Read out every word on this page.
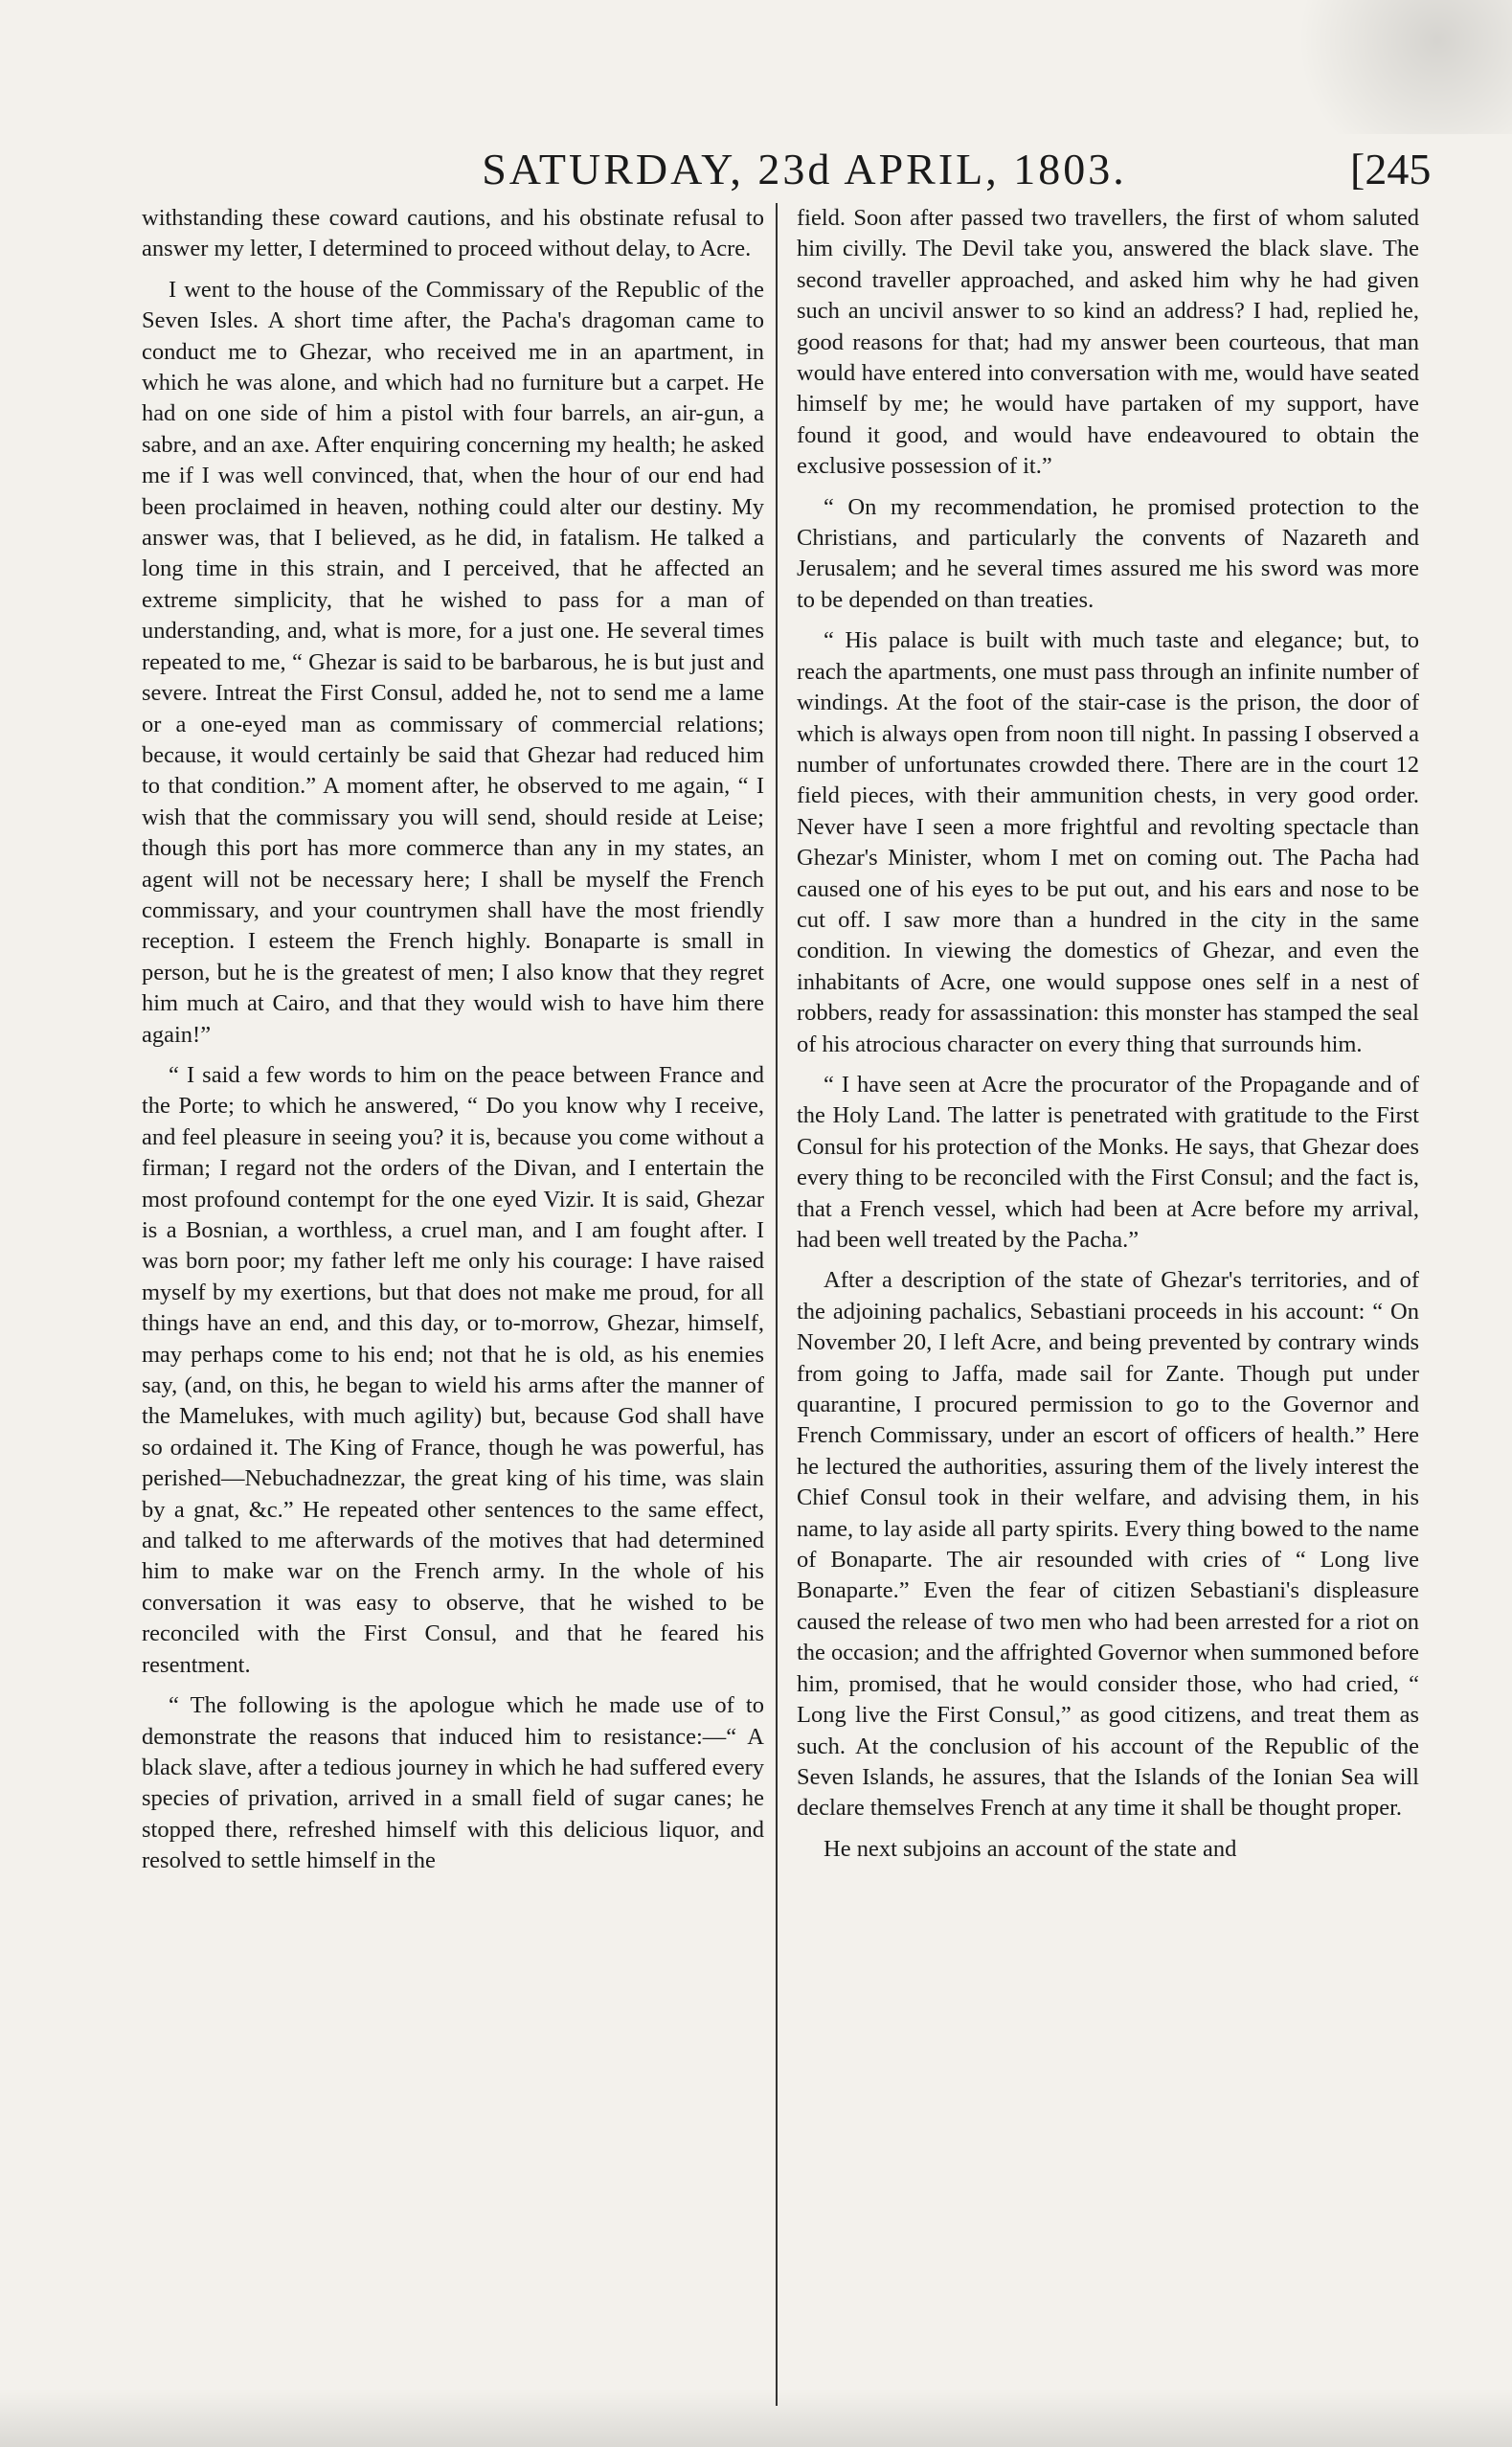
SATURDAY, 23d APRIL, 1803.	[245

withstanding these coward cautions, and his obstinate refusal to answer my letter, I determined to proceed without delay, to Acre.

I went to the house of the Commissary of the Republic of the Seven Isles. A short time after, the Pacha's dragoman came to conduct me to Ghezar, who received me in an apartment, in which he was alone, and which had no furniture but a carpet. He had on one side of him a pistol with four barrels, an air-gun, a sabre, and an axe. After enquiring concerning my health; he asked me if I was well convinced, that, when the hour of our end had been proclaimed in heaven, nothing could alter our destiny. My answer was, that I believed, as he did, in fatalism. He talked a long time in this strain, and I perceived, that he affected an extreme simplicity, that he wished to pass for a man of understanding, and, what is more, for a just one. He several times repeated to me, “ Ghezar is said to be barbarous, he is but just and severe. Intreat the First Consul, added he, not to send me a lame or a one-eyed man as commissary of commercial relations; because, it would certainly be said that Ghezar had reduced him to that condition.” A moment after, he observed to me again, “ I wish that the commissary you will send, should reside at Leise; though this port has more commerce than any in my states, an agent will not be necessary here; I shall be myself the French commissary, and your countrymen shall have the most friendly reception. I esteem the French highly. Bonaparte is small in person, but he is the greatest of men; I also know that they regret him much at Cairo, and that they would wish to have him there again!”

“ I said a few words to him on the peace between France and the Porte; to which he answered, “ Do you know why I receive, and feel pleasure in seeing you? it is, because you come without a firman; I regard not the orders of the Divan, and I entertain the most profound contempt for the one eyed Vizir. It is said, Ghezar is a Bosnian, a worthless, a cruel man, and I am fought after. I was born poor; my father left me only his courage: I have raised myself by my exertions, but that does not make me proud, for all things have an end, and this day, or to-morrow, Ghezar, himself, may perhaps come to his end; not that he is old, as his enemies say, (and, on this, he began to wield his arms after the manner of the Mamelukes, with much agility) but, because God shall have so ordained it. The King of France, though he was powerful, has perished—Nebuchadnezzar, the great king of his time, was slain by a gnat, &c.” He repeated other sentences to the same effect, and talked to me afterwards of the motives that had determined him to make war on the French army. In the whole of his conversation it was easy to observe, that he wished to be reconciled with the First Consul, and that he feared his resentment.

“ The following is the apologue which he made use of to demonstrate the reasons that induced him to resistance:—“ A black slave, after a tedious journey in which he had suffered every species of privation, arrived in a small field of sugar canes; he stopped there, refreshed himself with this delicious liquor, and resolved to settle himself in the

field. Soon after passed two travellers, the first of whom saluted him civilly. The Devil take you, answered the black slave. The second traveller approached, and asked him why he had given such an uncivil answer to so kind an address? I had, replied he, good reasons for that; had my answer been courteous, that man would have entered into conversation with me, would have seated himself by me; he would have partaken of my support, have found it good, and would have endeavoured to obtain the exclusive possession of it.”

“ On my recommendation, he promised protection to the Christians, and particularly the convents of Nazareth and Jerusalem; and he several times assured me his sword was more to be depended on than treaties.

“ His palace is built with much taste and elegance; but, to reach the apartments, one must pass through an infinite number of windings. At the foot of the stair-case is the prison, the door of which is always open from noon till night. In passing I observed a number of unfortunates crowded there. There are in the court 12 field pieces, with their ammunition chests, in very good order. Never have I seen a more frightful and revolting spectacle than Ghezar's Minister, whom I met on coming out. The Pacha had caused one of his eyes to be put out, and his ears and nose to be cut off. I saw more than a hundred in the city in the same condition. In viewing the domestics of Ghezar, and even the inhabitants of Acre, one would suppose ones self in a nest of robbers, ready for assassination: this monster has stamped the seal of his atrocious character on every thing that surrounds him.

“ I have seen at Acre the procurator of the Propagande and of the Holy Land. The latter is penetrated with gratitude to the First Consul for his protection of the Monks. He says, that Ghezar does every thing to be reconciled with the First Consul; and the fact is, that a French vessel, which had been at Acre before my arrival, had been well treated by the Pacha.”

After a description of the state of Ghezar's territories, and of the adjoining pachalics, Sebastiani proceeds in his account: “ On November 20, I left Acre, and being prevented by contrary winds from going to Jaffa, made sail for Zante. Though put under quarantine, I procured permission to go to the Governor and French Commissary, under an escort of officers of health.” Here he lectured the authorities, assuring them of the lively interest the Chief Consul took in their welfare, and advising them, in his name, to lay aside all party spirits. Every thing bowed to the name of Bonaparte. The air resounded with cries of “ Long live Bonaparte.” Even the fear of citizen Sebastiani's displeasure caused the release of two men who had been arrested for a riot on the occasion; and the affrighted Governor when summoned before him, promised, that he would consider those, who had cried, “ Long live the First Consul,” as good citizens, and treat them as such. At the conclusion of his account of the Republic of the Seven Islands, he assures, that the Islands of the Ionian Sea will declare themselves French at any time it shall be thought proper.

He next subjoins an account of the state and
